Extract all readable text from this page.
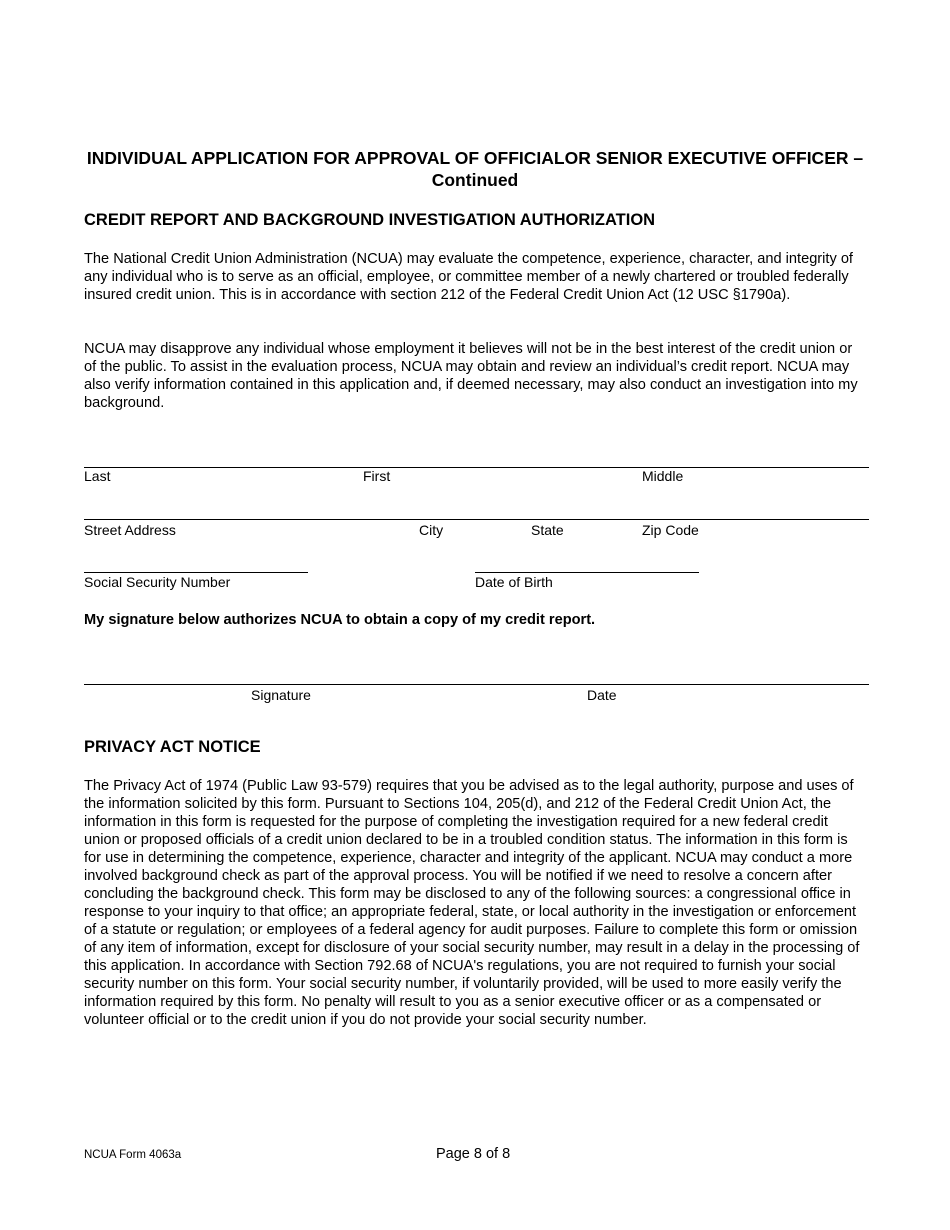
INDIVIDUAL APPLICATION FOR APPROVAL OF OFFICIALOR SENIOR EXECUTIVE OFFICER – Continued
CREDIT REPORT AND BACKGROUND INVESTIGATION AUTHORIZATION

The National Credit Union Administration (NCUA) may evaluate the competence, experience, character, and integrity of any individual who is to serve as an official, employee, or committee member of a newly chartered or troubled federally insured credit union. This is in accordance with section 212 of the Federal Credit Union Act (12 USC §1790a).

NCUA may disapprove any individual whose employment it believes will not be in the best interest of the credit union or of the public. To assist in the evaluation process, NCUA may obtain and review an individual’s credit report. NCUA may also verify information contained in this application and, if deemed necessary, may also conduct an investigation into my background.

Last	First	Middle
Street Address	City	State	Zip Code
Social Security Number	Date of Birth
My signature below authorizes NCUA to obtain a copy of my credit report.
Signature	Date
PRIVACY ACT NOTICE

The Privacy Act of 1974 (Public Law 93-579) requires that you be advised as to the legal authority, purpose and uses of the information solicited by this form. Pursuant to Sections 104, 205(d), and 212 of the Federal Credit Union Act, the information in this form is requested for the purpose of completing the investigation required for a new federal credit union or proposed officials of a credit union declared to be in a troubled condition status. The information in this form is for use in determining the competence, experience, character and integrity of the applicant. NCUA may conduct a more involved background check as part of the approval process. You will be notified if we need to resolve a concern after concluding the background check. This form may be disclosed to any of the following sources: a congressional office in response to your inquiry to that office; an appropriate federal, state, or local authority in the investigation or enforcement of a statute or regulation; or employees of a federal agency for audit purposes. Failure to complete this form or omission of any item of information, except for disclosure of your social security number, may result in a delay in the processing of this application. In accordance with Section 792.68 of NCUA's regulations, you are not required to furnish your social security number on this form. Your social security number, if voluntarily provided, will be used to more easily verify the information required by this form. No penalty will result to you as a senior executive officer or as a compensated or volunteer official or to the credit union if you do not provide your social security number.

NCUA Form 4063a	Page 8 of 8
